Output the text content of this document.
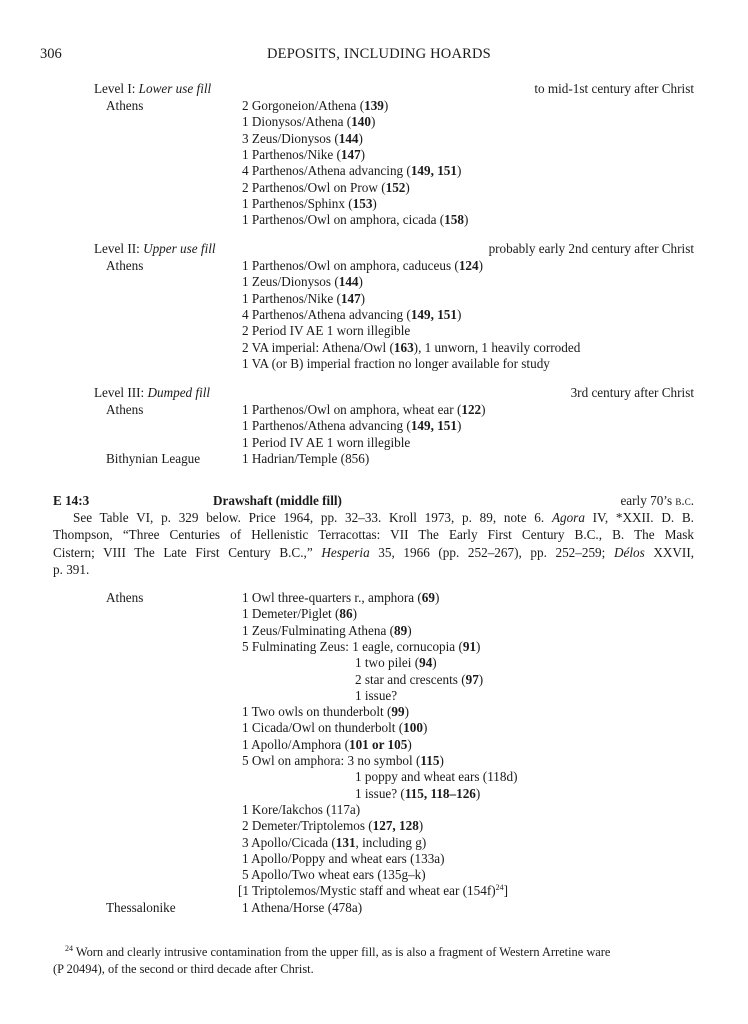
306	DEPOSITS, INCLUDING HOARDS
Level I: Lower use fill	to mid-1st century after Christ
Athens	2 Gorgoneion/Athena (139)
1 Dionysos/Athena (140)
3 Zeus/Dionysos (144)
1 Parthenos/Nike (147)
4 Parthenos/Athena advancing (149, 151)
2 Parthenos/Owl on Prow (152)
1 Parthenos/Sphinx (153)
1 Parthenos/Owl on amphora, cicada (158)
Level II: Upper use fill	probably early 2nd century after Christ
Athens	1 Parthenos/Owl on amphora, caduceus (124)
1 Zeus/Dionysos (144)
1 Parthenos/Nike (147)
4 Parthenos/Athena advancing (149, 151)
2 Period IV AE 1 worn illegible
2 VA imperial: Athena/Owl (163), 1 unworn, 1 heavily corroded
1 VA (or B) imperial fraction no longer available for study
Level III: Dumped fill	3rd century after Christ
Athens	1 Parthenos/Owl on amphora, wheat ear (122)
1 Parthenos/Athena advancing (149, 151)
1 Period IV AE 1 worn illegible
Bithynian League	1 Hadrian/Temple (856)
E 14:3	Drawshaft (middle fill)	early 70’s b.c.
See Table VI, p. 329 below. Price 1964, pp. 32–33. Kroll 1973, p. 89, note 6. Agora IV, *XXII. D. B.
Thompson, “Three Centuries of Hellenistic Terracottas: VII The Early First Century B.C., B. The Mask
Cistern; VIII The Late First Century B.C.,” Hesperia 35, 1966 (pp. 252–267), pp. 252–259; Délos XXVII,
p. 391.
Athens	1 Owl three-quarters r., amphora (69)
1 Demeter/Piglet (86)
1 Zeus/Fulminating Athena (89)
5 Fulminating Zeus: 1 eagle, cornucopia (91)
1 two pilei (94)
2 star and crescents (97)
1 issue?
1 Two owls on thunderbolt (99)
1 Cicada/Owl on thunderbolt (100)
1 Apollo/Amphora (101 or 105)
5 Owl on amphora: 3 no symbol (115)
1 poppy and wheat ears (118d)
1 issue? (115, 118–126)
1 Kore/Iakchos (117a)
2 Demeter/Triptolemos (127, 128)
3 Apollo/Cicada (131, including g)
1 Apollo/Poppy and wheat ears (133a)
5 Apollo/Two wheat ears (135g–k)
[1 Triptolemos/Mystic staff and wheat ear $(154f)^{24}$]
Thessalonike	1 Athena/Horse (478a)
$^{24}$ Worn and clearly intrusive contamination from the upper fill, as is also a fragment of Western Arretine ware
(P 20494), of the second or third decade after Christ.
